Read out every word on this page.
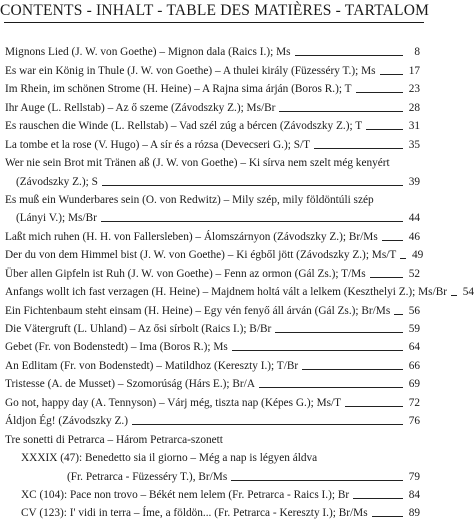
CONTENTS - INHALT - TABLE DES MATIÈRES - TARTALOM
Mignons Lied (J. W. von Goethe) – Mignon dala (Raics I.); Ms	8
Es war ein König in Thule (J. W. von Goethe) – A thulei király (Füzesséry T.); Ms	17
Im Rhein, im schönen Strome (H. Heine) – A Rajna sima árján (Boros R.); T	23
Ihr Auge (L. Rellstab) – Az ő szeme (Závodszky Z.); Ms/Br	28
Es rauschen die Winde (L. Rellstab) – Vad szél zúg a bércen (Závodszky Z.); T	31
La tombe et la rose (V. Hugo) – A sír és a rózsa (Devecseri G.); S/T	35
Wer nie sein Brot mit Tränen aß (J. W. von Goethe) – Ki sírva nem szelt még kenyért
(Závodszky Z.); S	39
Es muß ein Wunderbares sein (O. von Redwitz) – Mily szép, mily földöntúli szép
(Lányi V.); Ms/Br	44
Laßt mich ruhen (H. H. von Fallersleben) – Álomszárnyon (Závodszky Z.); Br/Ms	46
Der du von dem Himmel bist (J. W. von Goethe) – Ki égből jött (Závodszky Z.); Ms/T 49
Über allen Gipfeln ist Ruh (J. W. von Goethe) – Fenn az ormon (Gál Zs.); T/Ms	52
Anfangs wollt ich fast verzagen (H. Heine) – Majdnem holtá vált a lelkem (Keszthelyi Z.); Ms/Br 54
Ein Fichtenbaum steht einsam (H. Heine) – Egy vén fenyő áll árván (Gál Zs.); Br/Ms 56
Die Vätergruft (L. Uhland) – Az ősi sírbolt (Raics I.); B/Br	59
Gebet (Fr. von Bodenstedt) – Ima (Boros R.); Ms	64
An Edlitam (Fr. von Bodenstedt) – Matildhoz (Kereszty I.); T/Br	66
Tristesse (A. de Musset) – Szomorúság (Hárs E.); Br/A	69
Go not, happy day (A. Tennyson) – Várj még, tiszta nap (Képes G.); Ms/T	72
Áldjon Ég! (Závodszky Z.)	76
Tre sonetti di Petrarca – Három Petrarca-szonett
XXXIX (47): Benedetto sia il giorno – Még a nap is légyen áldva
(Fr. Petrarca - Füzesséry T.), Br/Ms	79
XC (104): Pace non trovo – Békét nem lelem (Fr. Petrarca - Raics I.); Br	84
CV (123): I' vidi in terra – Íme, a földön... (Fr. Petrarca - Kereszty I.); Br/Ms	89
